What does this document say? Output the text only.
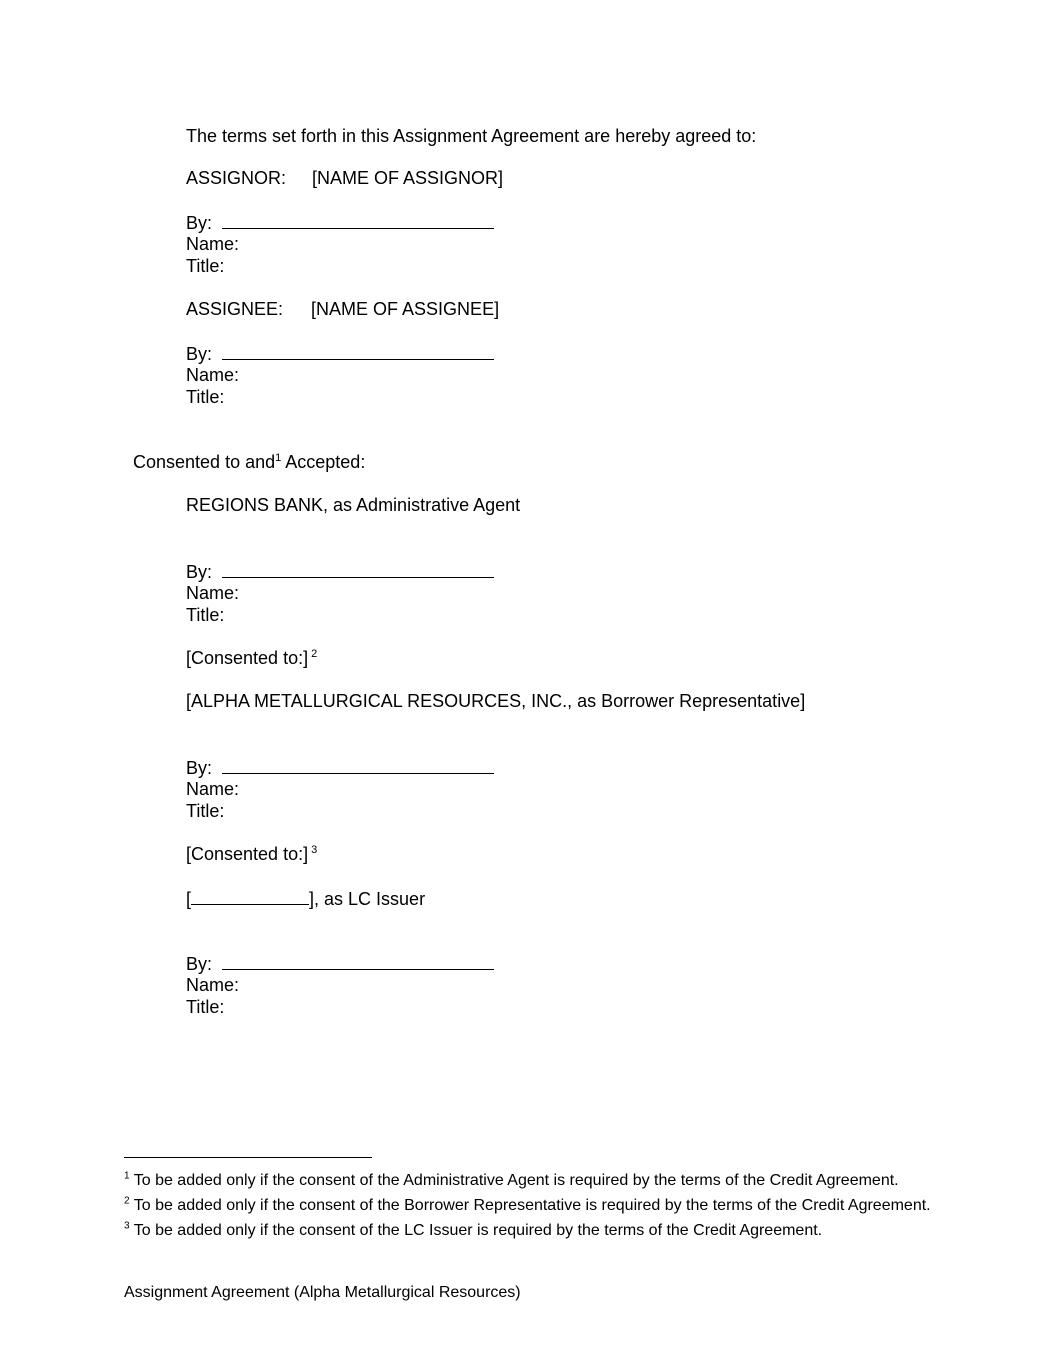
The terms set forth in this Assignment Agreement are hereby agreed to:
ASSIGNOR: [NAME OF ASSIGNOR]
By:
Name:
Title:
ASSIGNEE: [NAME OF ASSIGNEE]
By:
Name:
Title:
Consented to and$^1$ Accepted:
REGIONS BANK, as Administrative Agent
By:
Name:
Title:
[Consented to:] $^2$
[ALPHA METALLURGICAL RESOURCES, INC., as Borrower Representative]
By:
Name:
Title:
[Consented to:] $^3$
[	], as LC Issuer
By:
Name:
Title:
$^1$ To be added only if the consent of the Administrative Agent is required by the terms of the Credit Agreement.
$^2$ To be added only if the consent of the Borrower Representative is required by the terms of the Credit Agreement.
$^3$ To be added only if the consent of the LC Issuer is required by the terms of the Credit Agreement.
Assignment Agreement (Alpha Metallurgical Resources)
